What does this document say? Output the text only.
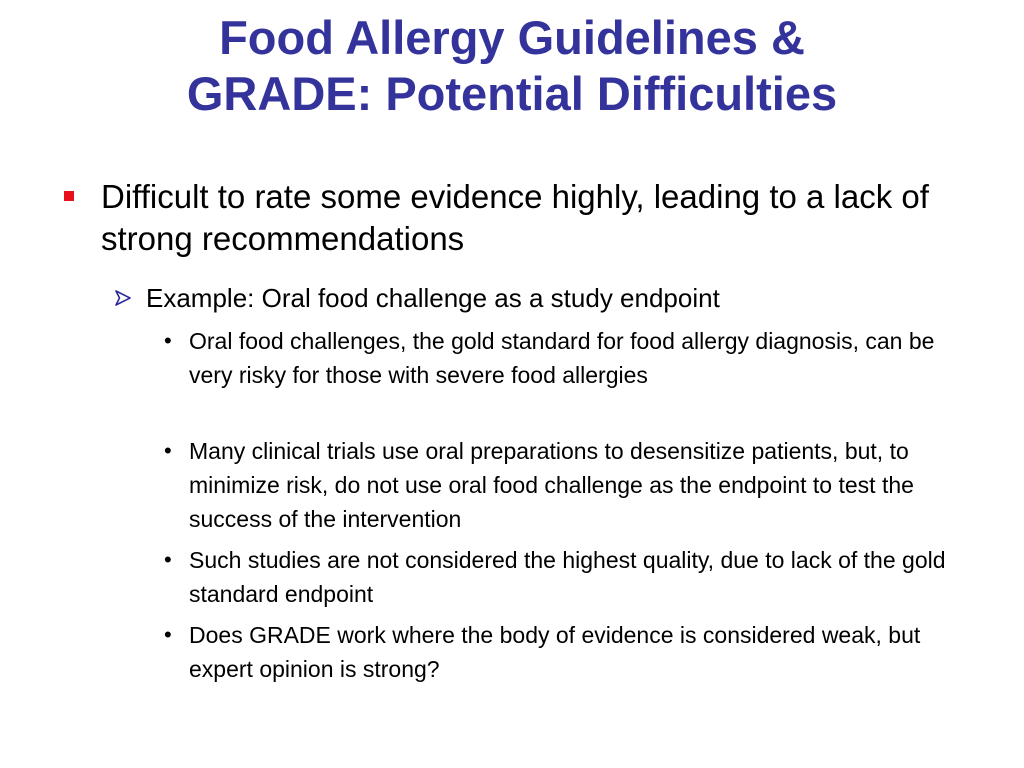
Food Allergy Guidelines &
GRADE: Potential Difficulties
Difficult to rate some evidence highly, leading to a lack of strong recommendations
Example: Oral food challenge as a study endpoint
• Oral food challenges, the gold standard for food allergy diagnosis, can be very risky for those with severe food allergies
• Many clinical trials use oral preparations to desensitize patients, but, to minimize risk, do not use oral food challenge as the endpoint to test the success of the intervention
• Such studies are not considered the highest quality, due to lack of the gold standard endpoint
• Does GRADE work where the body of evidence is considered weak, but expert opinion is strong?
